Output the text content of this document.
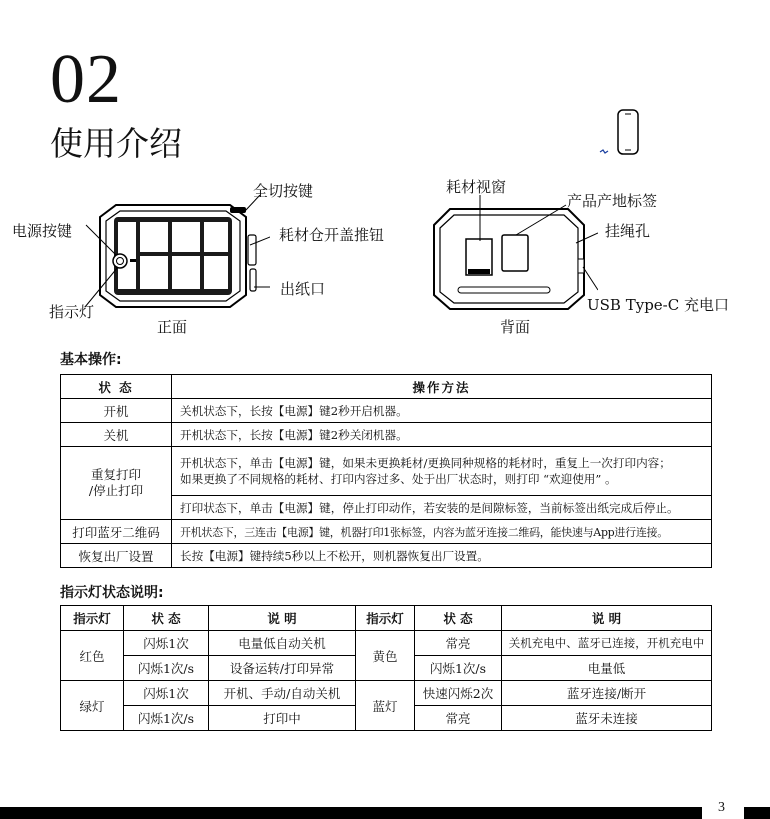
02
使用介绍
全切按键
电源按键	耗材仓开盖推钮
出纸口
指示灯
正面
耗材视窗
产品产地标签
挂绳孔
USB Type-C 充电口
背面
基本操作:
状 态	操作方法
开机	关机状态下，长按【电源】键2秒开启机器。
关机	开机状态下，长按【电源】键2秒关闭机器。
重复打印
/停止打印	开机状态下，单击【电源】键，如果未更换耗材/更换同种规格的耗材时，重复上一次打印内容；
如果更换了不同规格的耗材、打印内容过多、处于出厂状态时，则打印 “欢迎使用” 。
	打印状态下，单击【电源】键，停止打印动作，若安装的是间隙标签，当前标签出纸完成后停止。
打印蓝牙二维码	开机状态下，三连击【电源】键，机器打印1张标签，内容为蓝牙连接二维码，能快速与App进行连接。
恢复出厂设置	长按【电源】键持续5秒以上不松开，则机器恢复出厂设置。
指示灯状态说明:
指示灯	状 态	说 明	指示灯	状 态	说 明
红色	闪烁1次	电量低自动关机	黄色	常亮	关机充电中、蓝牙已连接，开机充电中
	闪烁1次/s	设备运转/打印异常		闪烁1次/s	电量低
绿灯	闪烁1次	开机、手动/自动关机	蓝灯	快速闪烁2次	蓝牙连接/断开
	闪烁1次/s	打印中		常亮	蓝牙未连接
3
